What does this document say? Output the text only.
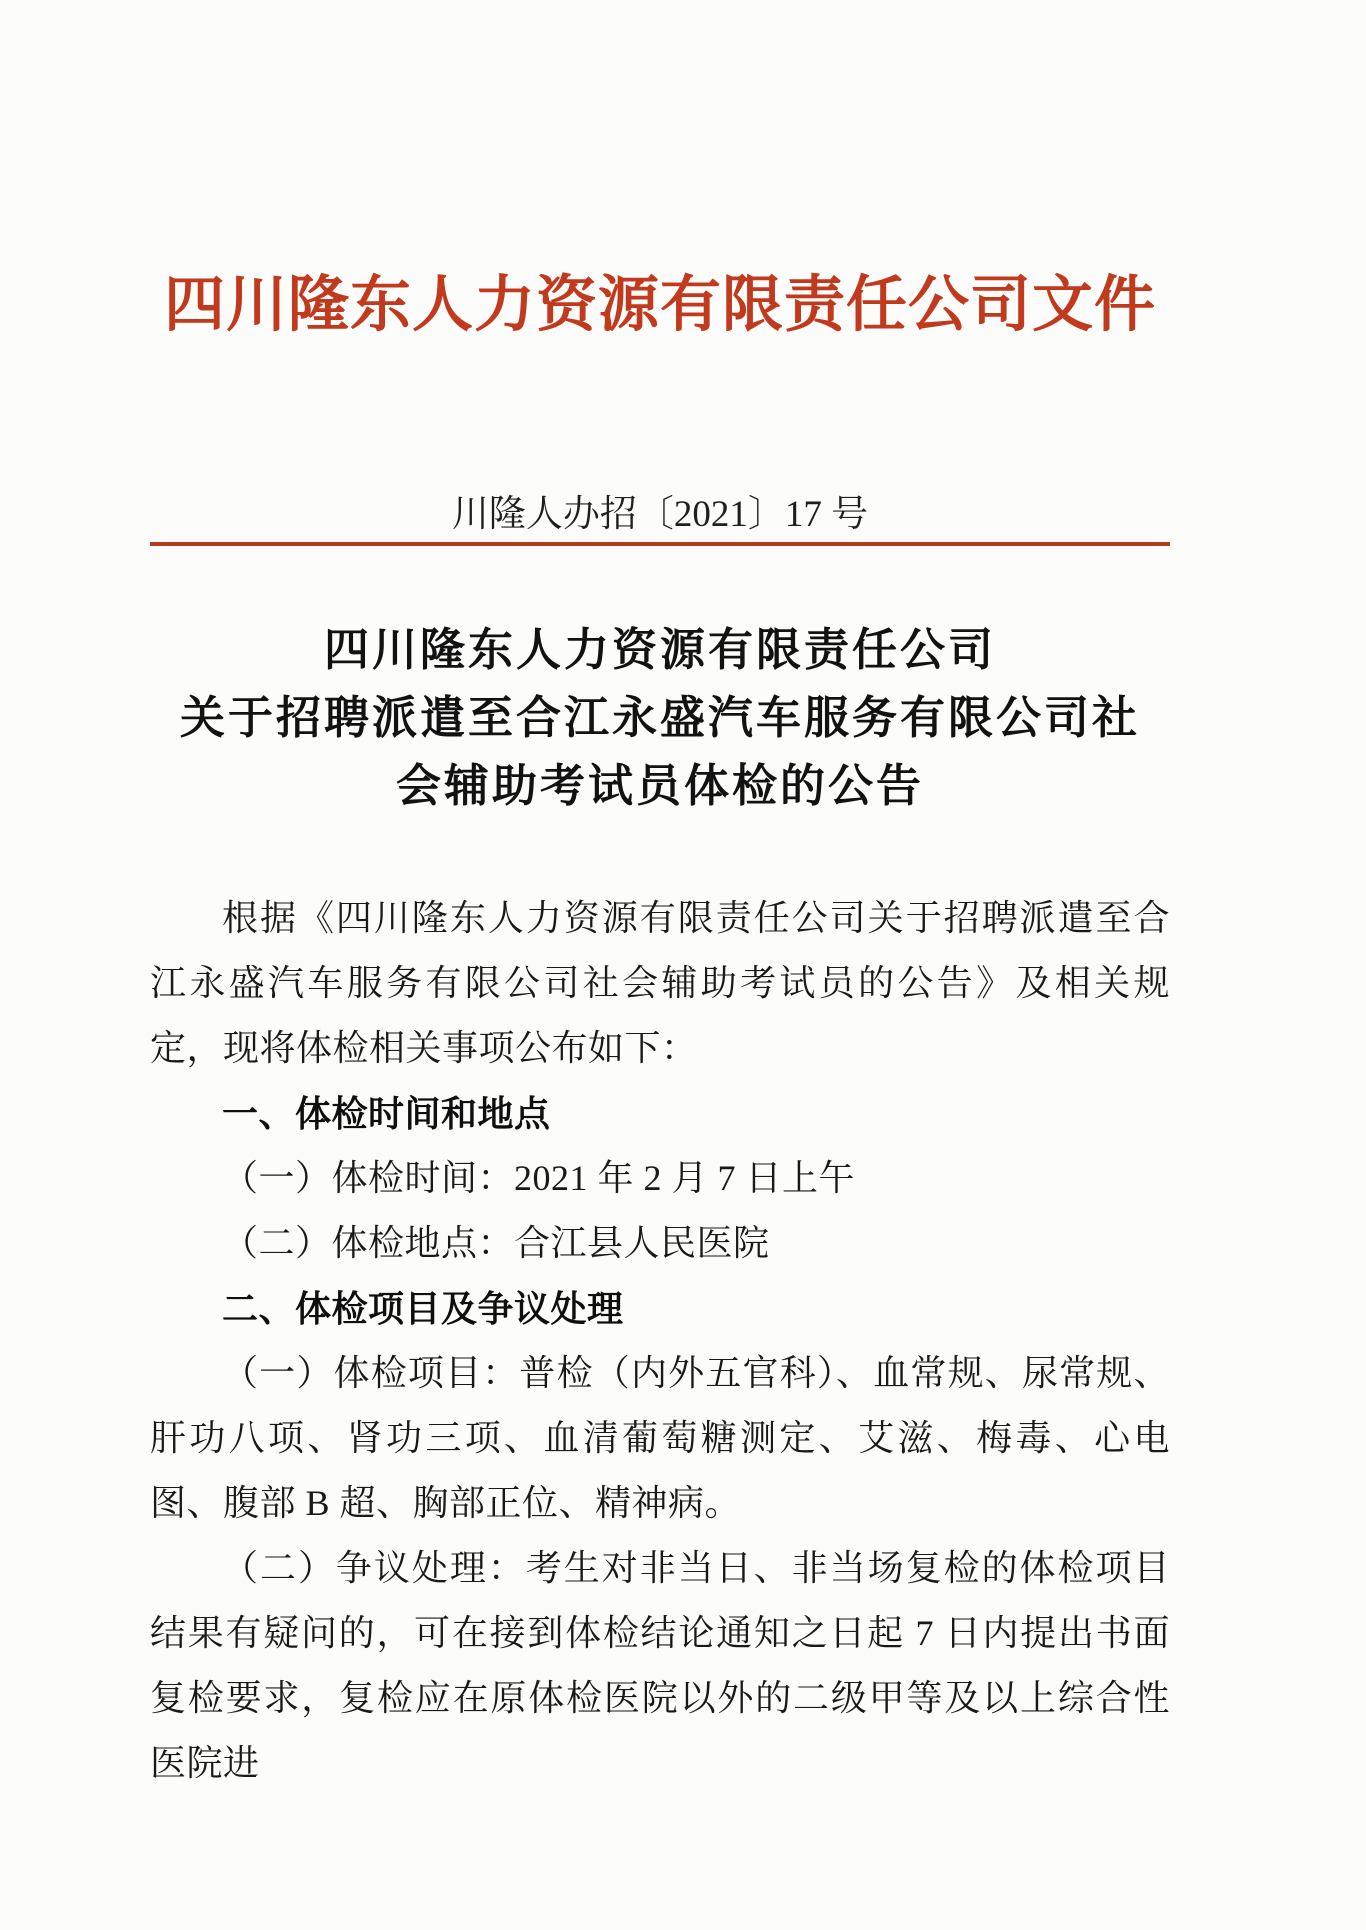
四川隆东人力资源有限责任公司文件
川隆人办招〔2021〕17 号
四川隆东人力资源有限责任公司
关于招聘派遣至合江永盛汽车服务有限公司社
会辅助考试员体检的公告

根据《四川隆东人力资源有限责任公司关于招聘派遣至合江永盛汽车服务有限公司社会辅助考试员的公告》及相关规定，现将体检相关事项公布如下：

一、体检时间和地点

（一）体检时间：2021 年 2 月 7 日上午

（二）体检地点：合江县人民医院

二、体检项目及争议处理

（一）体检项目：普检（内外五官科）、血常规、尿常规、肝功八项、肾功三项、血清葡萄糖测定、艾滋、梅毒、心电图、腹部 B 超、胸部正位、精神病。

（二）争议处理：考生对非当日、非当场复检的体检项目结果有疑问的，可在接到体检结论通知之日起 7 日内提出书面复检要求，复检应在原体检医院以外的二级甲等及以上综合性医院进
